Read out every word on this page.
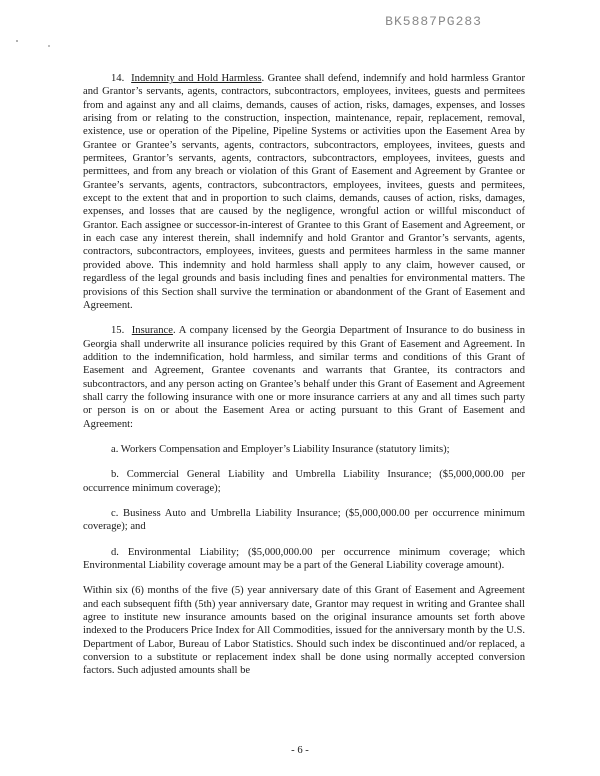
BK5887PG283

14. Indemnity and Hold Harmless. Grantee shall defend, indemnify and hold harmless Grantor and Grantor’s servants, agents, contractors, subcontractors, employees, invitees, guests and permitees from and against any and all claims, demands, causes of action, risks, damages, expenses, and losses arising from or relating to the construction, inspection, maintenance, repair, replacement, removal, existence, use or operation of the Pipeline, Pipeline Systems or activities upon the Easement Area by Grantee or Grantee’s servants, agents, contractors, subcontractors, employees, invitees, guests and permitees, Grantor’s servants, agents, contractors, subcontractors, employees, invitees, guests and permittees, and from any breach or violation of this Grant of Easement and Agreement by Grantee or Grantee’s servants, agents, contractors, subcontractors, employees, invitees, guests and permitees, except to the extent that and in proportion to such claims, demands, causes of action, risks, damages, expenses, and losses that are caused by the negligence, wrongful action or willful misconduct of Grantor. Each assignee or successor-in-interest of Grantee to this Grant of Easement and Agreement, or in each case any interest therein, shall indemnify and hold Grantor and Grantor’s servants, agents, contractors, subcontractors, employees, invitees, guests and permitees harmless in the same manner provided above. This indemnity and hold harmless shall apply to any claim, however caused, or regardless of the legal grounds and basis including fines and penalties for environmental matters. The provisions of this Section shall survive the termination or abandonment of the Grant of Easement and Agreement.

15. Insurance. A company licensed by the Georgia Department of Insurance to do business in Georgia shall underwrite all insurance policies required by this Grant of Easement and Agreement. In addition to the indemnification, hold harmless, and similar terms and conditions of this Grant of Easement and Agreement, Grantee covenants and warrants that Grantee, its contractors and subcontractors, and any person acting on Grantee’s behalf under this Grant of Easement and Agreement shall carry the following insurance with one or more insurance carriers at any and all times such party or person is on or about the Easement Area or acting pursuant to this Grant of Easement and Agreement:

a. Workers Compensation and Employer’s Liability Insurance (statutory limits);

b. Commercial General Liability and Umbrella Liability Insurance; ($5,000,000.00 per occurrence minimum coverage);

c. Business Auto and Umbrella Liability Insurance; ($5,000,000.00 per occurrence minimum coverage); and

d. Environmental Liability; ($5,000,000.00 per occurrence minimum coverage; which Environmental Liability coverage amount may be a part of the General Liability coverage amount).

Within six (6) months of the five (5) year anniversary date of this Grant of Easement and Agreement and each subsequent fifth (5th) year anniversary date, Grantor may request in writing and Grantee shall agree to institute new insurance amounts based on the original insurance amounts set forth above indexed to the Producers Price Index for All Commodities, issued for the anniversary month by the U.S. Department of Labor, Bureau of Labor Statistics. Should such index be discontinued and/or replaced, a conversion to a substitute or replacement index shall be done using normally accepted conversion factors. Such adjusted amounts shall be

- 6 -
